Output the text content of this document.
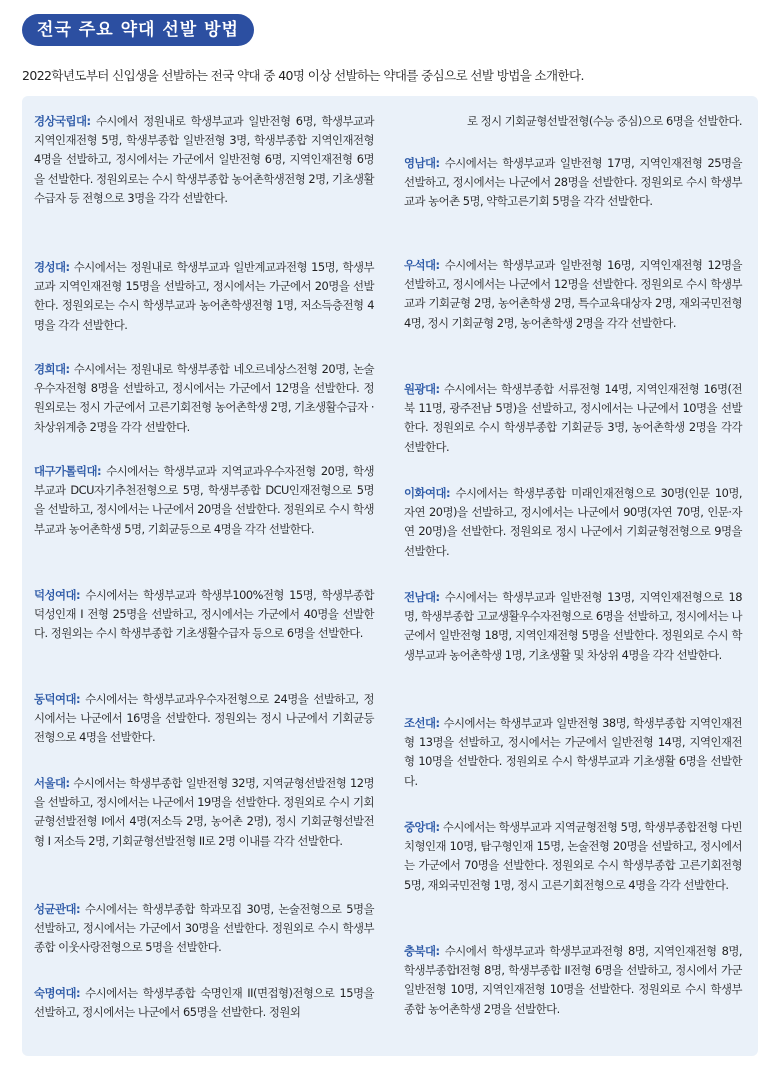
전국 주요 약대 선발 방법
2022학년도부터 신입생을 선발하는 전국 약대 중 40명 이상 선발하는 약대를 중심으로 선발 방법을 소개한다.
경상국립대: 수시에서 정원내로 학생부교과 일반전형 6명, 학생부교과 지역인재전형 5명, 학생부종합 일반전형 3명, 학생부종합 지역인재전형 4명을 선발하고, 정시에서는 가군에서 일반전형 6명, 지역인재전형 6명을 선발한다. 정원외로는 수시 학생부종합 농어촌학생전형 2명, 기초생활수급자 등 전형으로 3명을 각각 선발한다.
경성대: 수시에서는 정원내로 학생부교과 일반계교과전형 15명, 학생부교과 지역인재전형 15명을 선발하고, 정시에서는 가군에서 20명을 선발한다. 정원외로는 수시 학생부교과 농어촌학생전형 1명, 저소득층전형 4명을 각각 선발한다.
경희대: 수시에서는 정원내로 학생부종합 네오르네상스전형 20명, 논술우수자전형 8명을 선발하고, 정시에서는 가군에서 12명을 선발한다. 정원외로는 정시 가군에서 고른기회전형 농어촌학생 2명, 기초생활수급자 · 차상위계층 2명을 각각 선발한다.
대구가톨릭대: 수시에서는 학생부교과 지역교과우수자전형 20명, 학생부교과 DCU자기추천전형으로 5명, 학생부종합 DCU인재전형으로 5명을 선발하고, 정시에서는 나군에서 20명을 선발한다. 정원외로 수시 학생부교과 농어촌학생 5명, 기회균등으로 4명을 각각 선발한다.
덕성여대: 수시에서는 학생부교과 학생부100%전형 15명, 학생부종합 덕성인재 I 전형 25명을 선발하고, 정시에서는 가군에서 40명을 선발한다. 정원외는 수시 학생부종합 기초생활수급자 등으로 6명을 선발한다.
동덕여대: 수시에서는 학생부교과우수자전형으로 24명을 선발하고, 정시에서는 나군에서 16명을 선발한다. 정원외는 정시 나군에서 기회균등전형으로 4명을 선발한다.
서울대: 수시에서는 학생부종합 일반전형 32명, 지역균형선발전형 12명을 선발하고, 정시에서는 나군에서 19명을 선발한다. 정원외로 수시 기회균형선발전형 I에서 4명(저소득 2명, 농어촌 2명), 정시 기회균형선발전형 I 저소득 2명, 기회균형선발전형 II로 2명 이내를 각각 선발한다.
성균관대: 수시에서는 학생부종합 학과모집 30명, 논술전형으로 5명을 선발하고, 정시에서는 가군에서 30명을 선발한다. 정원외로 수시 학생부종합 이웃사랑전형으로 5명을 선발한다.
숙명여대: 수시에서는 학생부종합 숙명인재 II(면접형)전형으로 15명을 선발하고, 정시에서는 나군에서 65명을 선발한다. 정원외
로 정시 기회균형선발전형(수능 중심)으로 6명을 선발한다.
영남대: 수시에서는 학생부교과 일반전형 17명, 지역인재전형 25명을 선발하고, 정시에서는 나군에서 28명을 선발한다. 정원외로 수시 학생부교과 농어촌 5명, 약학고른기회 5명을 각각 선발한다.
우석대: 수시에서는 학생부교과 일반전형 16명, 지역인재전형 12명을 선발하고, 정시에서는 나군에서 12명을 선발한다. 정원외로 수시 학생부교과 기회균형 2명, 농어촌학생 2명, 특수교육대상자 2명, 재외국민전형 4명, 정시 기회균형 2명, 농어촌학생 2명을 각각 선발한다.
원광대: 수시에서는 학생부종합 서류전형 14명, 지역인재전형 16명(전북 11명, 광주전남 5명)을 선발하고, 정시에서는 나군에서 10명을 선발한다. 정원외로 수시 학생부종합 기회균등 3명, 농어촌학생 2명을 각각 선발한다.
이화여대: 수시에서는 학생부종합 미래인재전형으로 30명(인문 10명, 자연 20명)을 선발하고, 정시에서는 나군에서 90명(자연 70명, 인문·자연 20명)을 선발한다. 정원외로 정시 나군에서 기회균형전형으로 9명을 선발한다.
전남대: 수시에서는 학생부교과 일반전형 13명, 지역인재전형으로 18명, 학생부종합 고교생활우수자전형으로 6명을 선발하고, 정시에서는 나군에서 일반전형 18명, 지역인재전형 5명을 선발한다. 정원외로 수시 학생부교과 농어촌학생 1명, 기초생활 및 차상위 4명을 각각 선발한다.
조선대: 수시에서는 학생부교과 일반전형 38명, 학생부종합 지역인재전형 13명을 선발하고, 정시에서는 가군에서 일반전형 14명, 지역인재전형 10명을 선발한다. 정원외로 수시 학생부교과 기초생활 6명을 선발한다.
중앙대: 수시에서는 학생부교과 지역균형전형 5명, 학생부종합전형 다빈치형인재 10명, 탐구형인재 15명, 논술전형 20명을 선발하고, 정시에서는 가군에서 70명을 선발한다. 정원외로 수시 학생부종합 고른기회전형 5명, 재외국민전형 1명, 정시 고른기회전형으로 4명을 각각 선발한다.
충북대: 수시에서 학생부교과 학생부교과전형 8명, 지역인재전형 8명, 학생부종합I전형 8명, 학생부종합 II전형 6명을 선발하고, 정시에서 가군 일반전형 10명, 지역인재전형 10명을 선발한다. 정원외로 수시 학생부종합 농어촌학생 2명을 선발한다.
